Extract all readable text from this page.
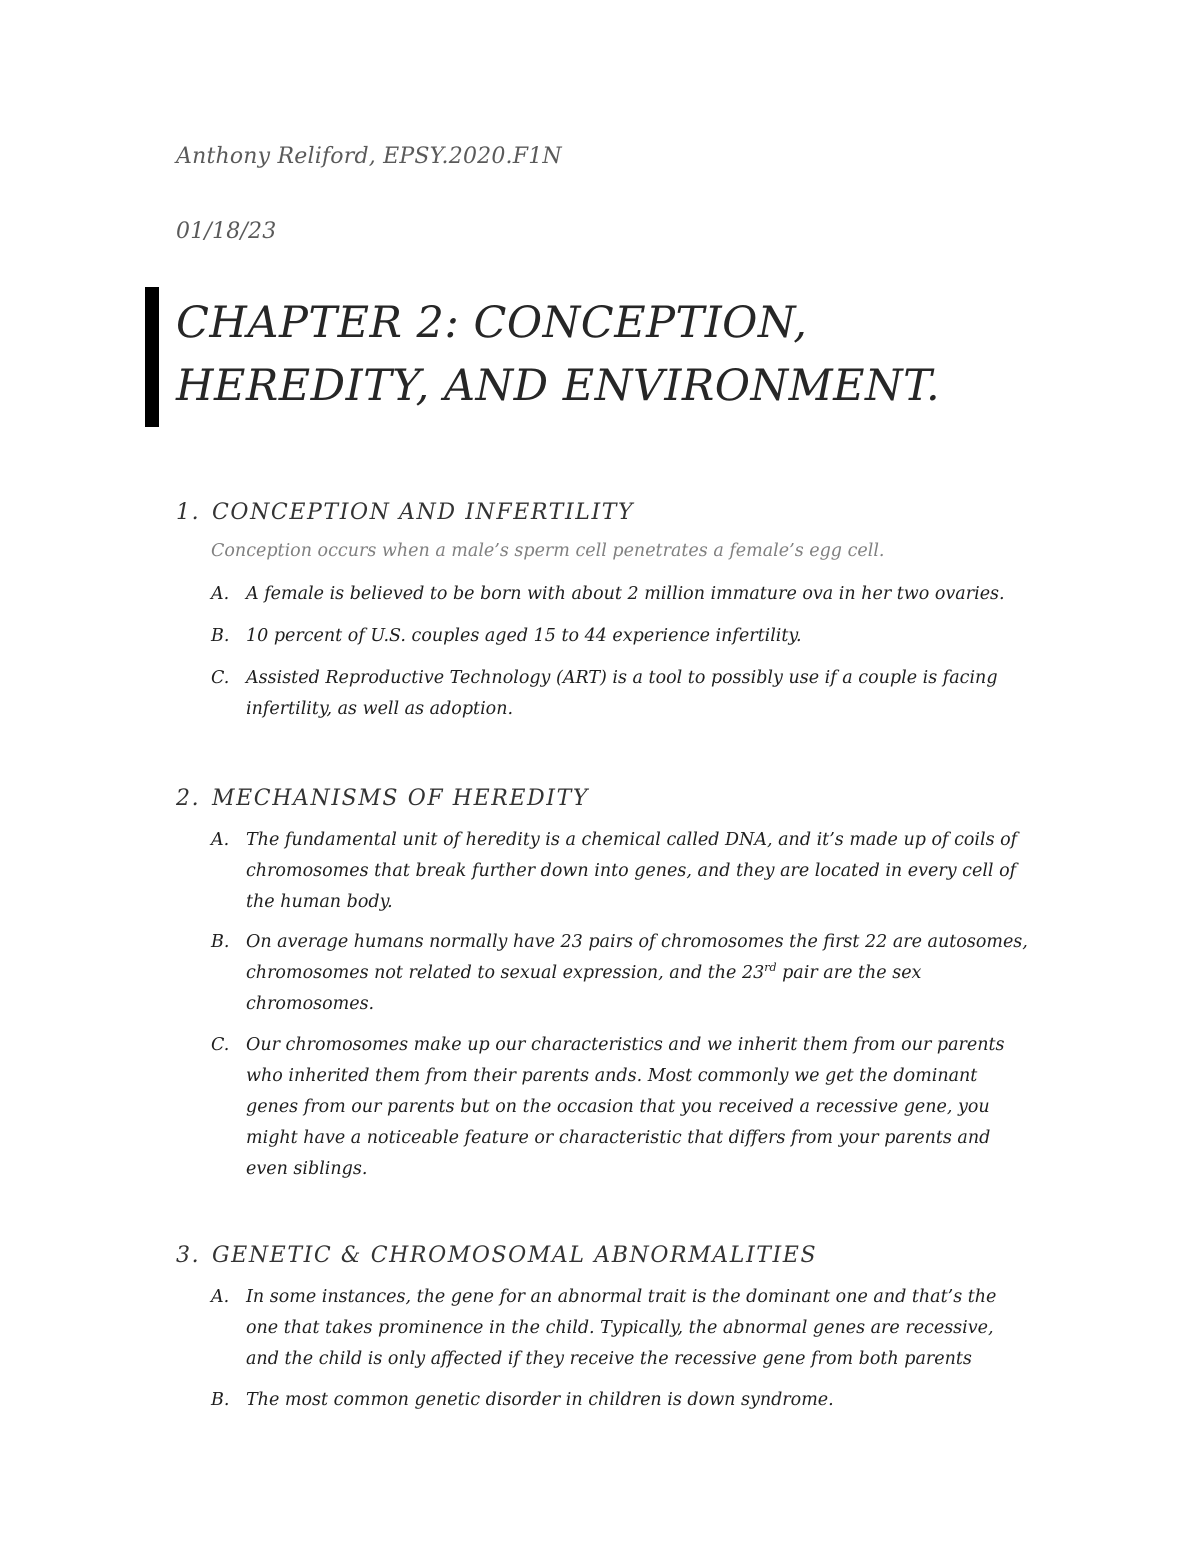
Anthony Reliford, EPSY.2020.F1N
01/18/23
CHAPTER 2: CONCEPTION,
HEREDITY, AND ENVIRONMENT.
1. CONCEPTION AND INFERTILITY
Conception occurs when a male’s sperm cell penetrates a female’s egg cell.
A. A female is believed to be born with about 2 million immature ova in her two ovaries.
B. 10 percent of U.S. couples aged 15 to 44 experience infertility.
C. Assisted Reproductive Technology (ART) is a tool to possibly use if a couple is facing infertility, as well as adoption.
2. MECHANISMS OF HEREDITY
A. The fundamental unit of heredity is a chemical called DNA, and it’s made up of coils of chromosomes that break further down into genes, and they are located in every cell of the human body.
B. On average humans normally have 23 pairs of chromosomes the first 22 are autosomes, chromosomes not related to sexual expression, and the 23rd pair are the sex chromosomes.
C. Our chromosomes make up our characteristics and we inherit them from our parents who inherited them from their parents ands. Most commonly we get the dominant genes from our parents but on the occasion that you received a recessive gene, you might have a noticeable feature or characteristic that differs from your parents and even siblings.
3. GENETIC & CHROMOSOMAL ABNORMALITIES
A. In some instances, the gene for an abnormal trait is the dominant one and that’s the one that takes prominence in the child. Typically, the abnormal genes are recessive, and the child is only affected if they receive the recessive gene from both parents
B. The most common genetic disorder in children is down syndrome.
